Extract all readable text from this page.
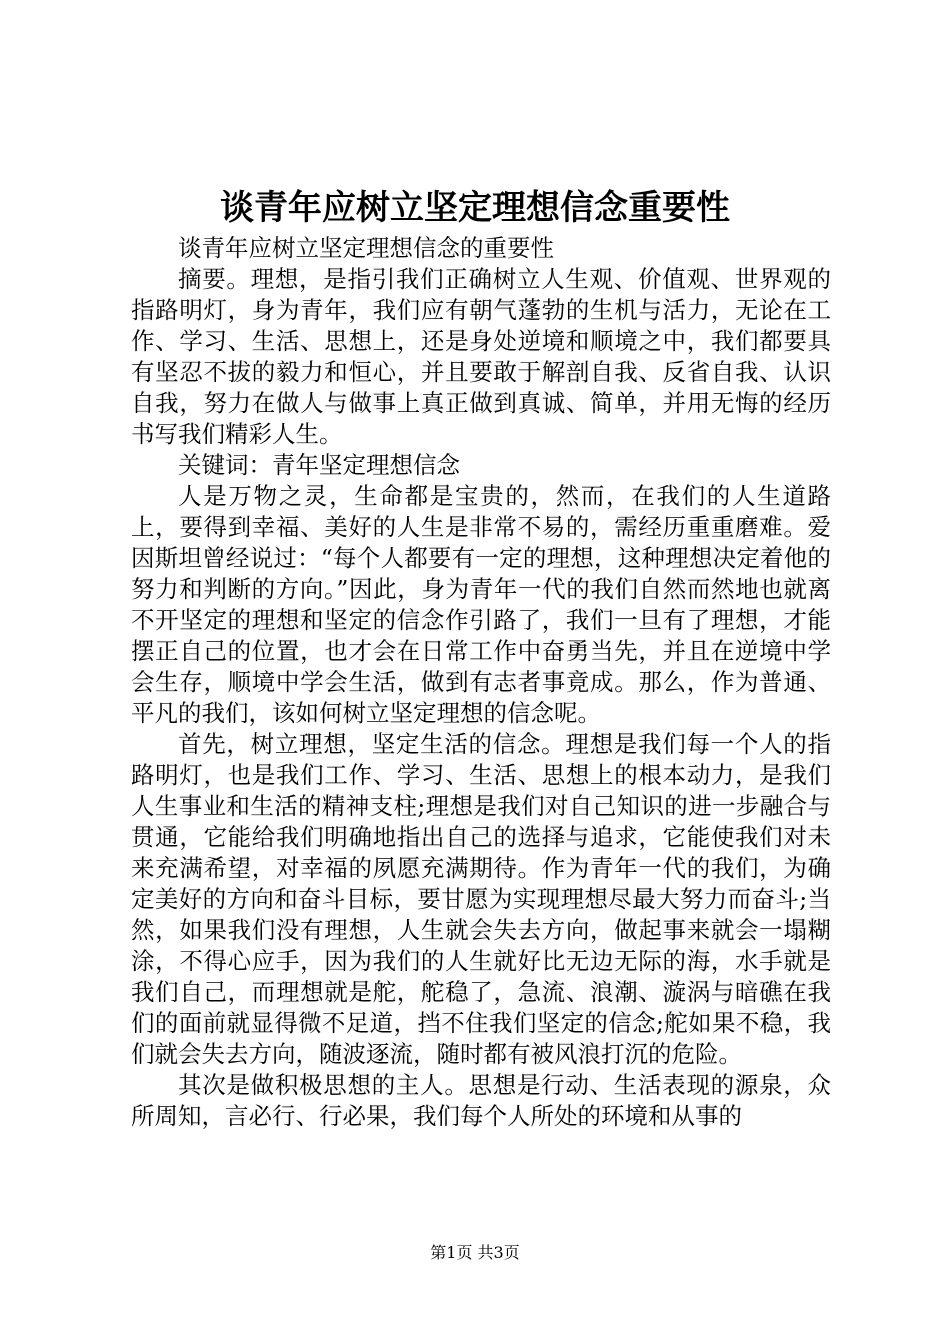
谈青年应树立坚定理想信念重要性

谈青年应树立坚定理想信念的重要性

摘要。理想，是指引我们正确树立人生观、价值观、世界观的指路明灯，身为青年，我们应有朝气蓬勃的生机与活力，无论在工作、学习、生活、思想上，还是身处逆境和顺境之中，我们都要具有坚忍不拔的毅力和恒心，并且要敢于解剖自我、反省自我、认识自我，努力在做人与做事上真正做到真诚、简单，并用无悔的经历书写我们精彩人生。

关键词：青年坚定理想信念

人是万物之灵，生命都是宝贵的，然而，在我们的人生道路上，要得到幸福、美好的人生是非常不易的，需经历重重磨难。爱因斯坦曾经说过：“每个人都要有一定的理想，这种理想决定着他的努力和判断的方向。”因此，身为青年一代的我们自然而然地也就离不开坚定的理想和坚定的信念作引路了，我们一旦有了理想，才能摆正自己的位置，也才会在日常工作中奋勇当先，并且在逆境中学会生存，顺境中学会生活，做到有志者事竟成。那么，作为普通、平凡的我们，该如何树立坚定理想的信念呢。

首先，树立理想，坚定生活的信念。理想是我们每一个人的指路明灯，也是我们工作、学习、生活、思想上的根本动力，是我们人生事业和生活的精神支柱;理想是我们对自己知识的进一步融合与贯通，它能给我们明确地指出自己的选择与追求，它能使我们对未来充满希望，对幸福的夙愿充满期待。作为青年一代的我们，为确定美好的方向和奋斗目标，要甘愿为实现理想尽最大努力而奋斗;当然，如果我们没有理想，人生就会失去方向，做起事来就会一塌糊涂，不得心应手，因为我们的人生就好比无边无际的海，水手就是我们自己，而理想就是舵，舵稳了，急流、浪潮、漩涡与暗礁在我们的面前就显得微不足道，挡不住我们坚定的信念;舵如果不稳，我们就会失去方向，随波逐流，随时都有被风浪打沉的危险。

其次是做积极思想的主人。思想是行动、生活表现的源泉，众所周知，言必行、行必果，我们每个人所处的环境和从事的

第1页 共3页
